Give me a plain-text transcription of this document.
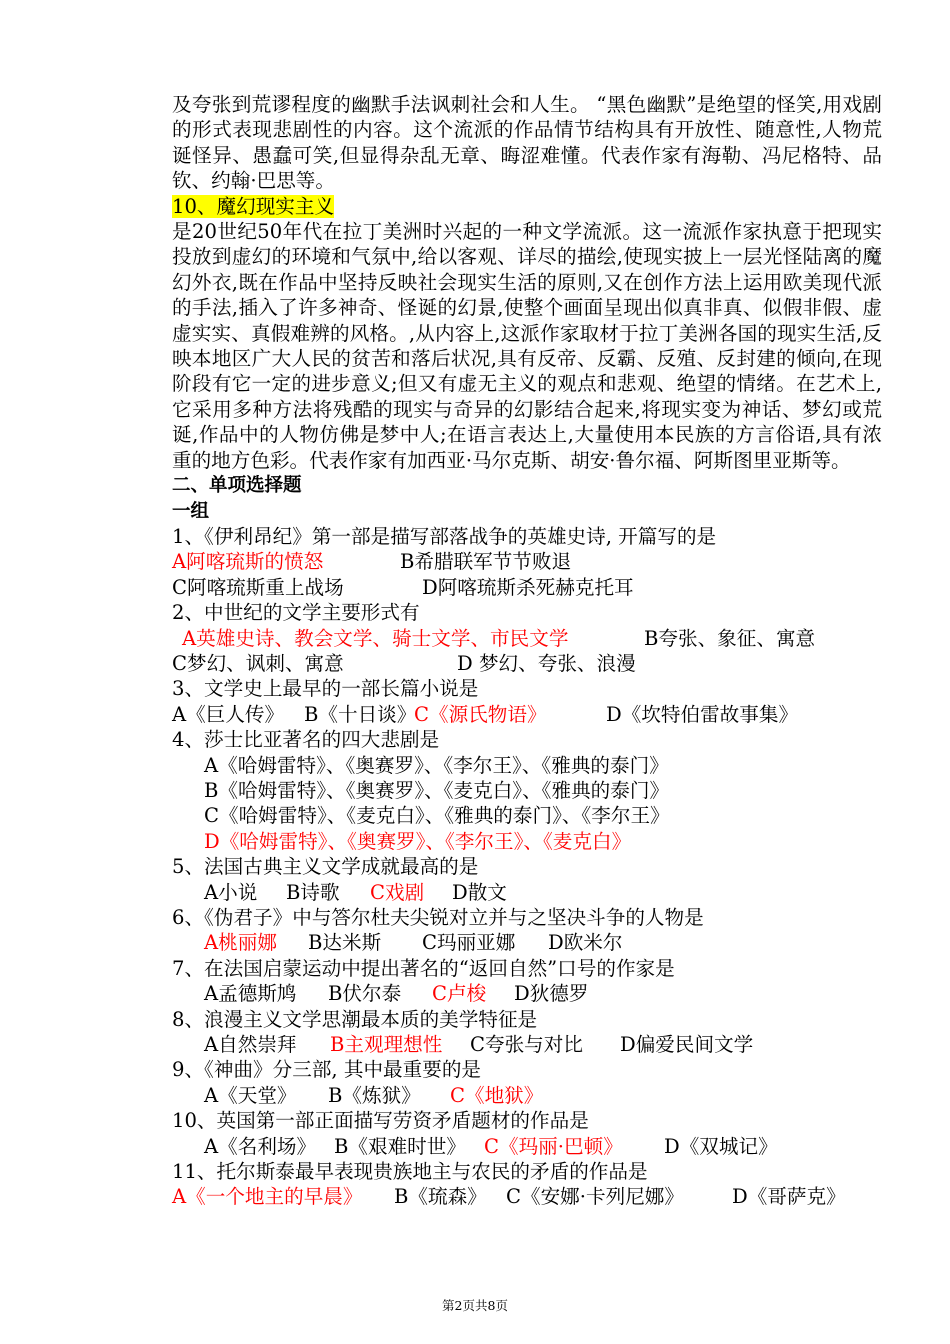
及夸张到荒谬程度的幽默手法讽刺社会和人生。 “黑色幽默”是绝望的怪笑,用戏剧的形式表现悲剧性的内容。这个流派的作品情节结构具有开放性、随意性,人物荒诞怪异、愚蠢可笑,但显得杂乱无章、晦涩难懂。代表作家有海勒、冯尼格特、品钦、约翰·巴思等。

10、魔幻现实主义

是20世纪50年代在拉丁美洲时兴起的一种文学流派。这一流派作家执意于把现实投放到虚幻的环境和气氛中,给以客观、详尽的描绘,使现实披上一层光怪陆离的魔幻外衣,既在作品中坚持反映社会现实生活的原则,又在创作方法上运用欧美现代派的手法,插入了许多神奇、怪诞的幻景,使整个画面呈现出似真非真、似假非假、虚虚实实、真假难辨的风格。,从内容上,这派作家取材于拉丁美洲各国的现实生活,反映本地区广大人民的贫苦和落后状况,具有反帝、反霸、反殖、反封建的倾向,在现阶段有它一定的进步意义;但又有虚无主义的观点和悲观、绝望的情绪。在艺术上,它采用多种方法将残酷的现实与奇异的幻影结合起来,将现实变为神话、梦幻或荒诞,作品中的人物仿佛是梦中人;在语言表达上,大量使用本民族的方言俗语,具有浓重的地方色彩。代表作家有加西亚·马尔克斯、胡安·鲁尔福、阿斯图里亚斯等。

二、单项选择题

一组

1、《伊利昂纪》第一部是描写部落战争的英雄史诗, 开篇写的是

A阿喀琉斯的愤怒	B希腊联军节节败退

C阿喀琉斯重上战场	D阿喀琉斯杀死赫克托耳

2、中世纪的文学主要形式有

A英雄史诗、教会文学、骑士文学、市民文学	B夸张、象征、寓意

C梦幻、讽刺、寓意	D 梦幻、夸张、浪漫

3、文学史上最早的一部长篇小说是

A《巨人传》 B《十日谈》C《源氏物语》	D《坎特伯雷故事集》

4、莎士比亚著名的四大悲剧是

A《哈姆雷特》、《奥赛罗》、《李尔王》、《雅典的泰门》

B《哈姆雷特》、《奥赛罗》、《麦克白》、《雅典的泰门》

C《哈姆雷特》、《麦克白》、《雅典的泰门》、《李尔王》

D《哈姆雷特》、《奥赛罗》、《李尔王》、《麦克白》

5、法国古典主义文学成就最高的是

A小说 B诗歌 C戏剧 D散文

6、《伪君子》中与答尔杜夫尖锐对立并与之坚决斗争的人物是

A桃丽娜 B达米斯 C玛丽亚娜 D欧米尔

7、在法国启蒙运动中提出著名的“返回自然”口号的作家是

A孟德斯鸠 B伏尔泰 C卢梭 D狄德罗

8、浪漫主义文学思潮最本质的美学特征是

A自然崇拜 B主观理想性 C夸张与对比 D偏爱民间文学

9、《神曲》分三部, 其中最重要的是

A《天堂》 B《炼狱》 C《地狱》

10、英国第一部正面描写劳资矛盾题材的作品是

A《名利场》 B《艰难时世》 C《玛丽·巴顿》 D《双城记》

11、托尔斯泰最早表现贵族地主与农民的矛盾的作品是

A《一个地主的早晨》 B《琉森》 C《安娜·卡列尼娜》 D《哥萨克》

第2页共8页
